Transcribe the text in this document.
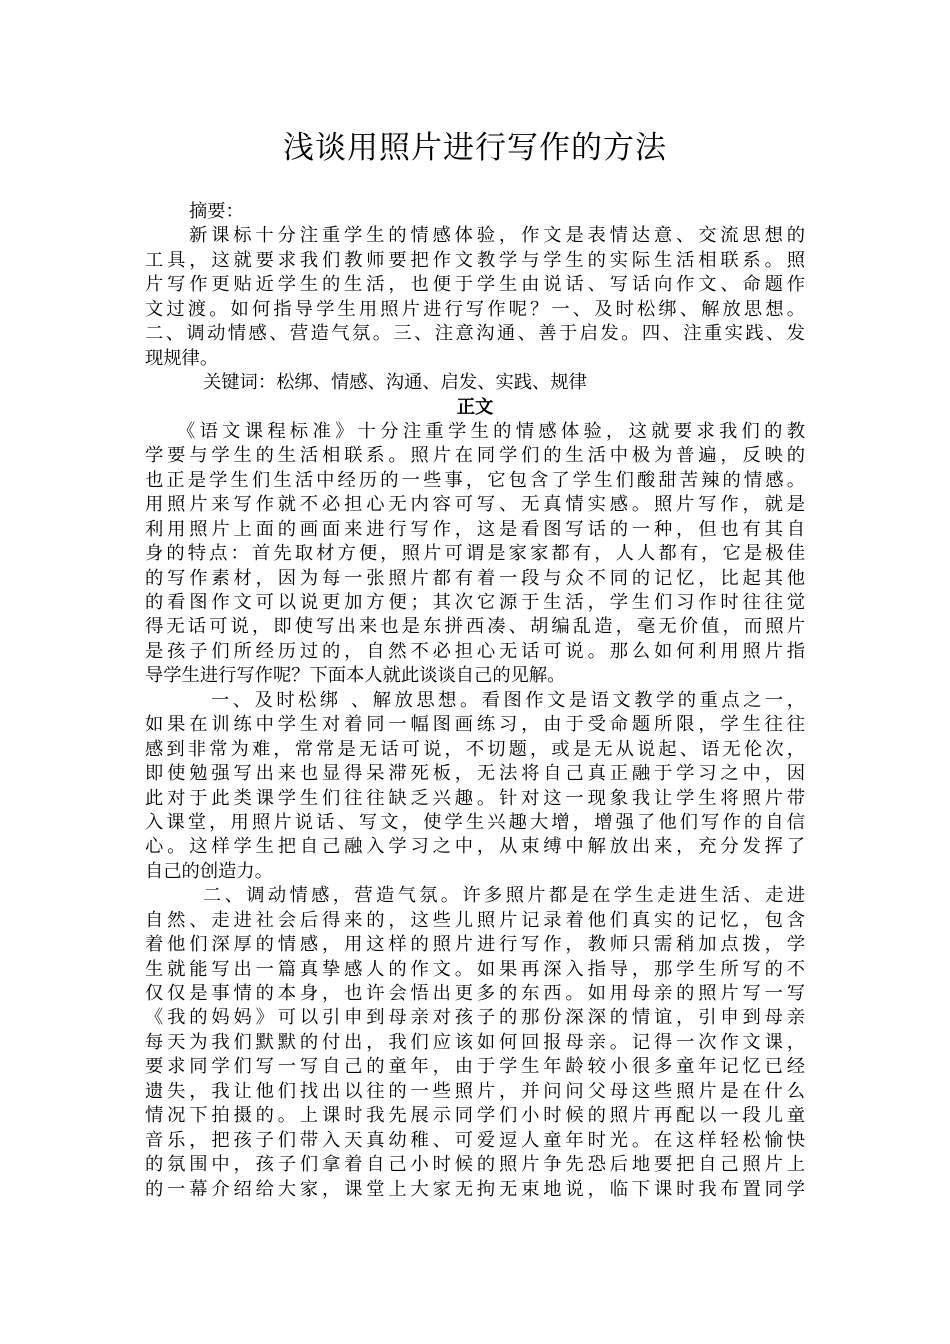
浅谈用照片进行写作的方法
摘要：
新课标十分注重学生的情感体验，作文是表情达意、交流思想的
工具，这就要求我们教师要把作文教学与学生的实际生活相联系。照
片写作更贴近学生的生活，也便于学生由说话、写话向作文、命题作
文过渡。如何指导学生用照片进行写作呢？一、及时松绑、解放思想。
二、调动情感、营造气氛。三、注意沟通、善于启发。四、注重实践、发
现规律。
关键词：松绑、情感、沟通、启发、实践、规律
正文
《语文课程标准》十分注重学生的情感体验，这就要求我们的教
学要与学生的生活相联系。照片在同学们的生活中极为普遍，反映的
也正是学生们生活中经历的一些事，它包含了学生们酸甜苦辣的情感。
用照片来写作就不必担心无内容可写、无真情实感。照片写作，就是
利用照片上面的画面来进行写作，这是看图写话的一种，但也有其自
身的特点：首先取材方便，照片可谓是家家都有，人人都有，它是极佳
的写作素材，因为每一张照片都有着一段与众不同的记忆，比起其他
的看图作文可以说更加方便；其次它源于生活，学生们习作时往往觉
得无话可说，即使写出来也是东拼西凑、胡编乱造，毫无价值，而照片
是孩子们所经历过的，自然不必担心无话可说。那么如何利用照片指
导学生进行写作呢？下面本人就此谈谈自己的见解。
一、及时松绑 、解放思想。看图作文是语文教学的重点之一，
如果在训练中学生对着同一幅图画练习，由于受命题所限，学生往往
感到非常为难，常常是无话可说，不切题，或是无从说起、语无伦次，
即使勉强写出来也显得呆滞死板，无法将自己真正融于学习之中，因
此对于此类课学生们往往缺乏兴趣。针对这一现象我让学生将照片带
入课堂，用照片说话、写文，使学生兴趣大增，增强了他们写作的自信
心。这样学生把自己融入学习之中，从束缚中解放出来，充分发挥了
自己的创造力。
二、调动情感，营造气氛。许多照片都是在学生走进生活、走进
自然、走进社会后得来的，这些儿照片记录着他们真实的记忆，包含
着他们深厚的情感，用这样的照片进行写作，教师只需稍加点拨，学
生就能写出一篇真挚感人的作文。如果再深入指导，那学生所写的不
仅仅是事情的本身，也许会悟出更多的东西。如用母亲的照片写一写
《我的妈妈》可以引申到母亲对孩子的那份深深的情谊，引申到母亲
每天为我们默默的付出，我们应该如何回报母亲。记得一次作文课，
要求同学们写一写自己的童年，由于学生年龄较小很多童年记忆已经
遗失，我让他们找出以往的一些照片，并问问父母这些照片是在什么
情况下拍摄的。上课时我先展示同学们小时候的照片再配以一段儿童
音乐，把孩子们带入天真幼稚、可爱逗人童年时光。在这样轻松愉快
的氛围中，孩子们拿着自己小时候的照片争先恐后地要把自己照片上
的一幕介绍给大家，课堂上大家无拘无束地说，临下课时我布置同学
